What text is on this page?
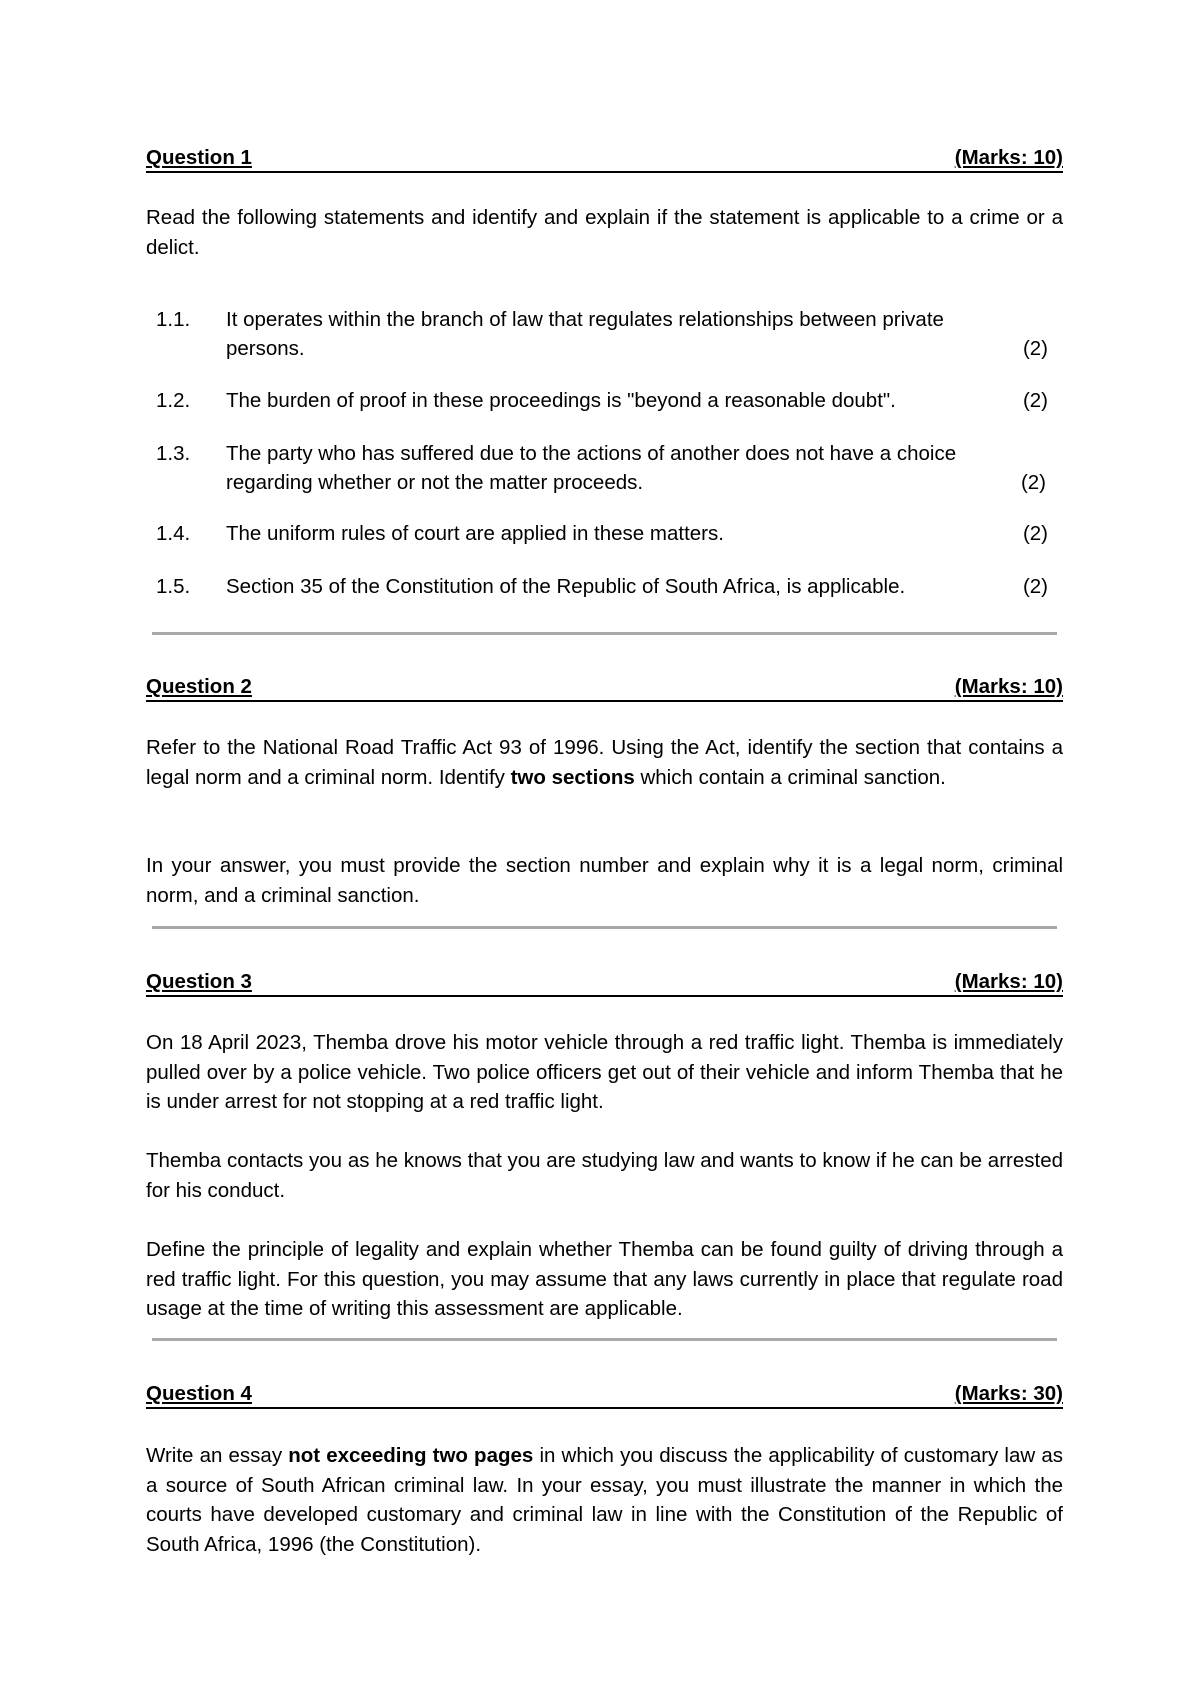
Question 1	(Marks: 10)

Read the following statements and identify and explain if the statement is applicable to a crime or a delict.

1.1. It operates within the branch of law that regulates relationships between private persons.	(2)
1.2. The burden of proof in these proceedings is "beyond a reasonable doubt".	(2)
1.3. The party who has suffered due to the actions of another does not have a choice regarding whether or not the matter proceeds.	(2)
1.4. The uniform rules of court are applied in these matters.	(2)
1.5. Section 35 of the Constitution of the Republic of South Africa, is applicable.	(2)
Question 2	(Marks: 10)

Refer to the National Road Traffic Act 93 of 1996. Using the Act, identify the section that contains a legal norm and a criminal norm. Identify two sections which contain a criminal sanction.

In your answer, you must provide the section number and explain why it is a legal norm, criminal norm, and a criminal sanction.

Question 3	(Marks: 10)

On 18 April 2023, Themba drove his motor vehicle through a red traffic light. Themba is immediately pulled over by a police vehicle. Two police officers get out of their vehicle and inform Themba that he is under arrest for not stopping at a red traffic light.

Themba contacts you as he knows that you are studying law and wants to know if he can be arrested for his conduct.

Define the principle of legality and explain whether Themba can be found guilty of driving through a red traffic light. For this question, you may assume that any laws currently in place that regulate road usage at the time of writing this assessment are applicable.

Question 4	(Marks: 30)

Write an essay not exceeding two pages in which you discuss the applicability of customary law as a source of South African criminal law. In your essay, you must illustrate the manner in which the courts have developed customary and criminal law in line with the Constitution of the Republic of South Africa, 1996 (the Constitution).
